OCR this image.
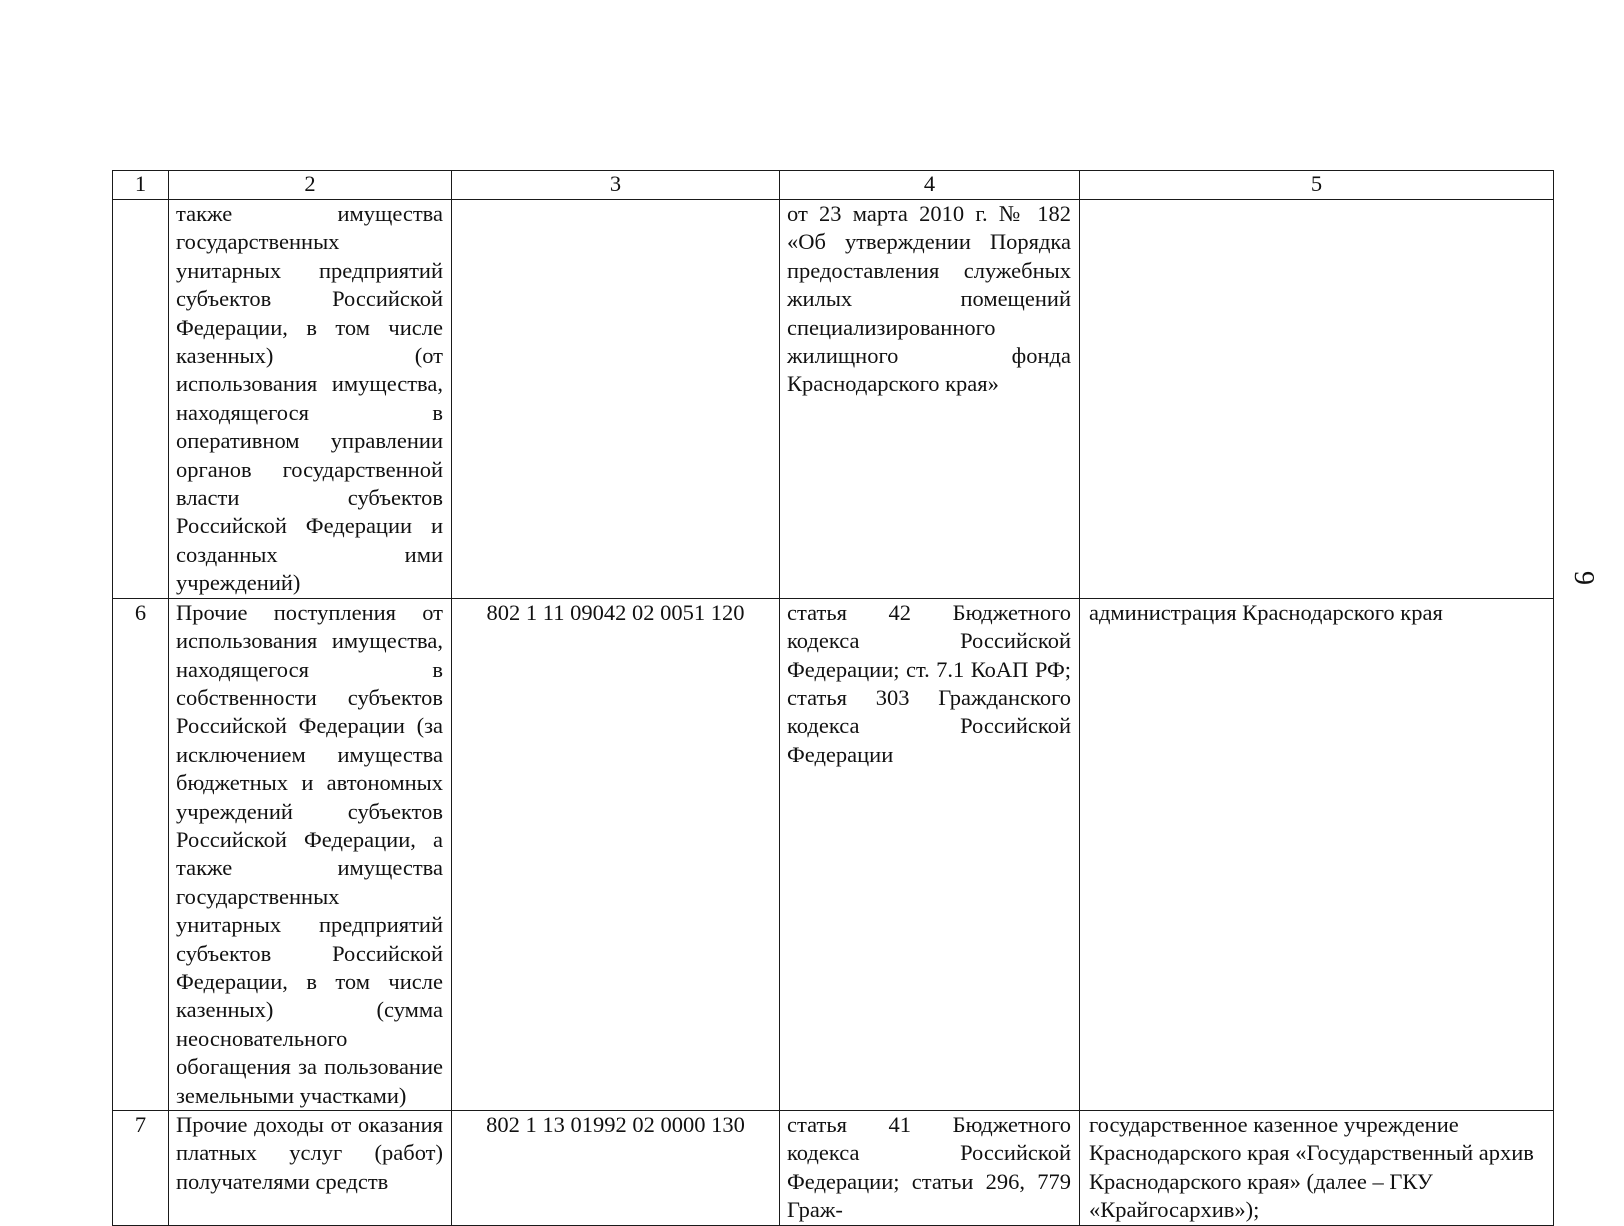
1	2	3	4	5

	также имущества государственных унитарных предприятий субъектов Российской Федерации, в том числе казенных) (от использования имущества, находящегося в оперативном управлении органов государственной власти субъектов Российской Федерации и созданных ими учреждений)		от 23 марта 2010 г. № 182 «Об утверждении Порядка предоставления служебных жилых помещений специализированного жилищного фонда Краснодарского края»	

6	Прочие поступления от использования имущества, находящегося в собственности субъектов Российской Федерации (за исключением имущества бюджетных и автономных учреждений субъектов Российской Федерации, а также имущества государственных унитарных предприятий субъектов Российской Федерации, в том числе казенных) (сумма неосновательного обогащения за пользование земельными участками)	802 1 11 09042 02 0051 120	статья 42 Бюджетного кодекса Российской Федерации; ст. 7.1 КоАП РФ; статья 303 Гражданского кодекса Российской Федерации	администрация Краснодарского края

7	Прочие доходы от оказания платных услуг (работ) получателями средств	802 1 13 01992 02 0000 130	статья 41 Бюджетного кодекса Российской Федерации; статьи 296, 779 Граж-	государственное казенное учреждение Краснодарского края «Государственный архив Краснодарского края» (далее – ГКУ «Крайгосархив»);
9
